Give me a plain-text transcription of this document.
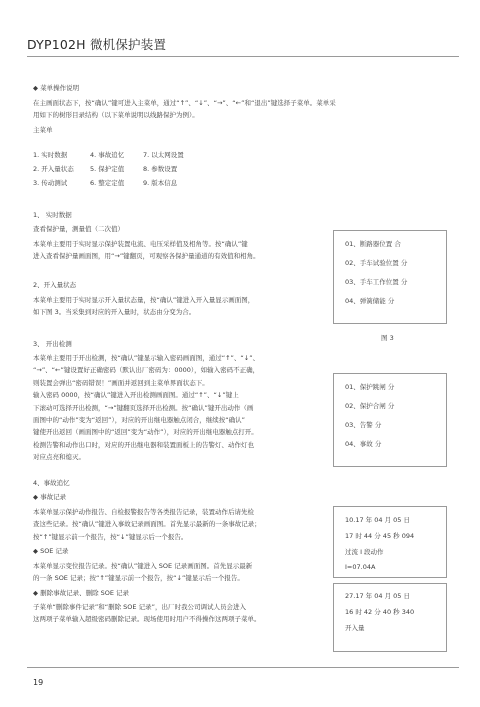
DYP102H 微机保护装置
◆ 菜单操作说明
在主画面状态下，按“确认”键可进入主菜单，通过“↑”、“↓”、“→”、“←”和“退出”键选择子菜单。菜单采
用如下的树形目录结构（以下菜单说明以线路保护为例）。
主菜单
1. 实时数据
2. 开入量状态
3. 传动测试
4. 事故追忆
5. 保护定值
6. 整定定值
7. 以太网设置
8. 参数设置
9. 版本信息
1、 实时数据
查看保护量，测量值（二次值）
本菜单主要用于实时显示保护装置电流、电压采样值及相角等。按“确认”键
进入查看保护量画面图，用“→”键翻页，可观察各保护量通道的有效值和相角。
2、开入量状态
本菜单主要用于实时显示开入量状态量，按“确认”键进入开入量显示画面图，
如下图 3。当采集到对应的开入量时，状态由分变为合。
01、断路器位置 合
02、手车试验位置 分
03、手车工作位置 分
04、弹簧储能 分
图 3
3、 开出检测
本菜单主要用于开出检测，按“确认”键显示输入密码画面图，通过“↑”、“↓”、
“→”、“←”键设置好正确密码（默认出厂密码为：0000），如输入密码不正确，
则装置会弹出“密码错误！”画面并返回到主菜单界面状态下。
输入密码 0000，按“确认”键进入开出检测画面图。通过“↑”、“↓”键上
下滚动可选择开出检测，“→”键翻页选择开出检测。按“确认”键开出动作（画
面图中的“动作”变为“返回”），对应的开出继电器触点闭合，继续按“确认”
键使开出返回（画面图中的“返回”变为“动作”），对应的开出继电器触点打开。
检测告警和动作出口时，对应的开出继电器和装置面板上的告警灯、动作灯也
对应点亮和熄灭。
01、保护跳闸 分
02、保护合闸 分
03、告警 分
04、事故 分
4、事故追忆
◆ 事故记录
本菜单显示保护动作报告、自检报警报告等各类报告记录，装置动作后请先检
查这些记录。按“确认”键进入事故记录画面图。首先显示最新的一条事故记录；
按“↑”键显示前一个报告，按“↓”键显示后一个报告。
◆ SOE 记录
本菜单显示变位报告记录。按“确认”键进入 SOE 记录画面图。首先显示最新
的一条 SOE 记录；按“↑”键显示前一个报告，按“↓”键显示后一个报告。
◆ 删除事故记录、删除 SOE 记录
子菜单“删除事件记录”和“删除 SOE 记录”，出厂时我公司调试人员会进入
这两项子菜单输入超级密码删除记录。现场使用时用户不得操作这两项子菜单。
10.17 年 04 月 05 日
17 时 44 分 45 秒 094
过流 I 段动作
I=07.04A
27.17 年 04 月 05 日
16 时 42 分 40 秒 340
开入量
19
